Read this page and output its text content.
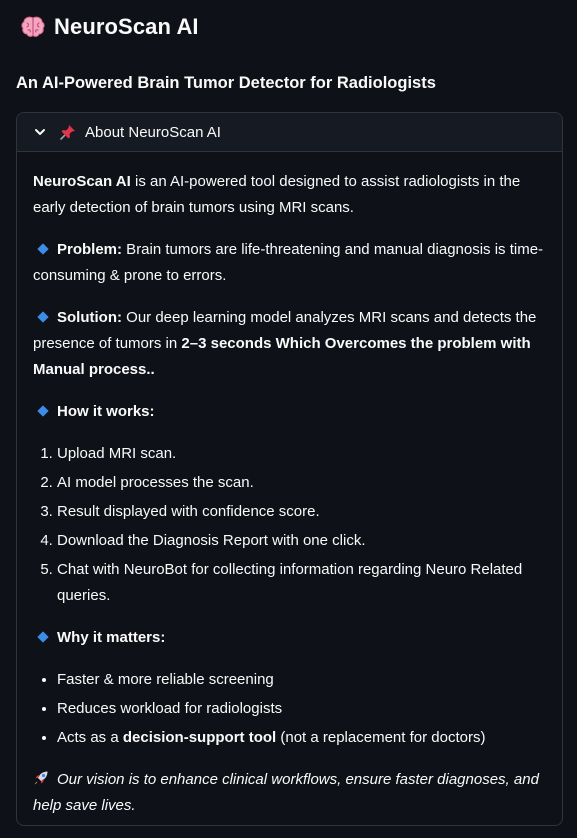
NeuroScan AI
An AI-Powered Brain Tumor Detector for Radiologists
About NeuroScan AI

NeuroScan AI is an AI-powered tool designed to assist radiologists in the early detection of brain tumors using MRI scans.

Problem: Brain tumors are life-threatening and manual diagnosis is time-consuming & prone to errors.

Solution: Our deep learning model analyzes MRI scans and detects the presence of tumors in 2–3 seconds Which Overcomes the problem with Manual process..

How it works:

1. Upload MRI scan.
2. AI model processes the scan.
3. Result displayed with confidence score.
4. Download the Diagnosis Report with one click.
5. Chat with NeuroBot for collecting information regarding Neuro Related queries.

Why it matters:

• Faster & more reliable screening
• Reduces workload for radiologists
• Acts as a decision-support tool (not a replacement for doctors)

Our vision is to enhance clinical workflows, ensure faster diagnoses, and help save lives.
